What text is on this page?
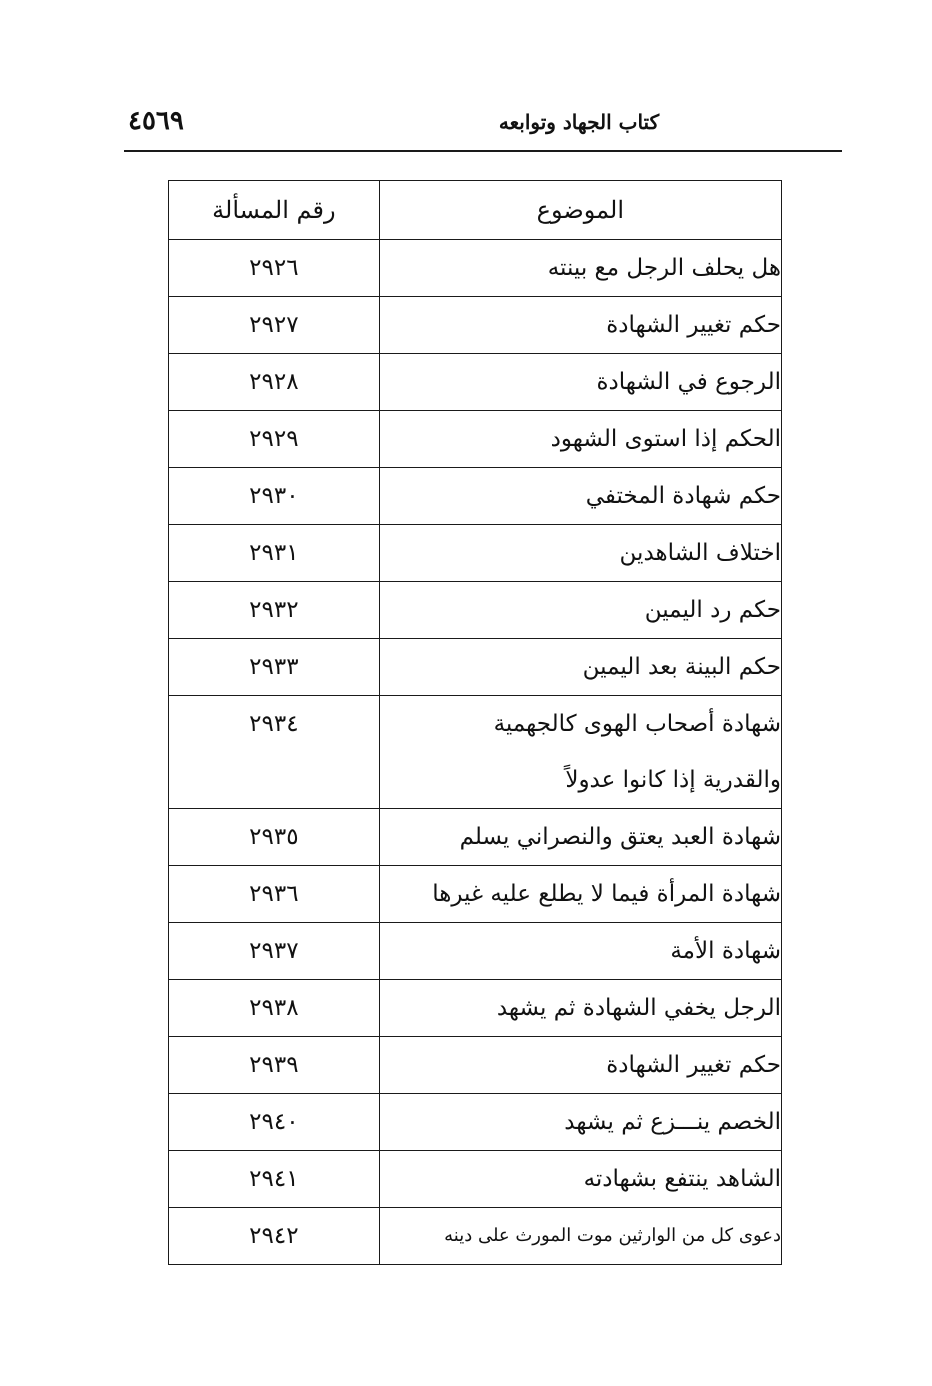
٤٥٦٩	كتاب الجهاد وتوابعه
الموضوع	رقم المسألة
هل يحلف الرجل مع بينته	٢٩٢٦
حكم تغيير الشهادة	٢٩٢٧
الرجوع في الشهادة	٢٩٢٨
الحكم إذا استوى الشهود	٢٩٢٩
حكم شهادة المختفي	٢٩٣٠
اختلاف الشاهدين	٢٩٣١
حكم رد اليمين	٢٩٣٢
حكم البينة بعد اليمين	٢٩٣٣

شهادة أصحاب الهوى كالجهمية
والقدرية إذا كانوا عدولاً	٢٩٣٤
شهادة العبد يعتق والنصراني يسلم	٢٩٣٥
شهادة المرأة فيما لا يطلع عليه غيرها	٢٩٣٦
شهادة الأمة	٢٩٣٧
الرجل يخفي الشهادة ثم يشهد	٢٩٣٨
حكم تغيير الشهادة	٢٩٣٩
الخصم ينـــزع ثم يشهد	٢٩٤٠
الشاهد ينتفع بشهادته	٢٩٤١
دعوى كل من الوارثين موت المورث على دينه	٢٩٤٢
